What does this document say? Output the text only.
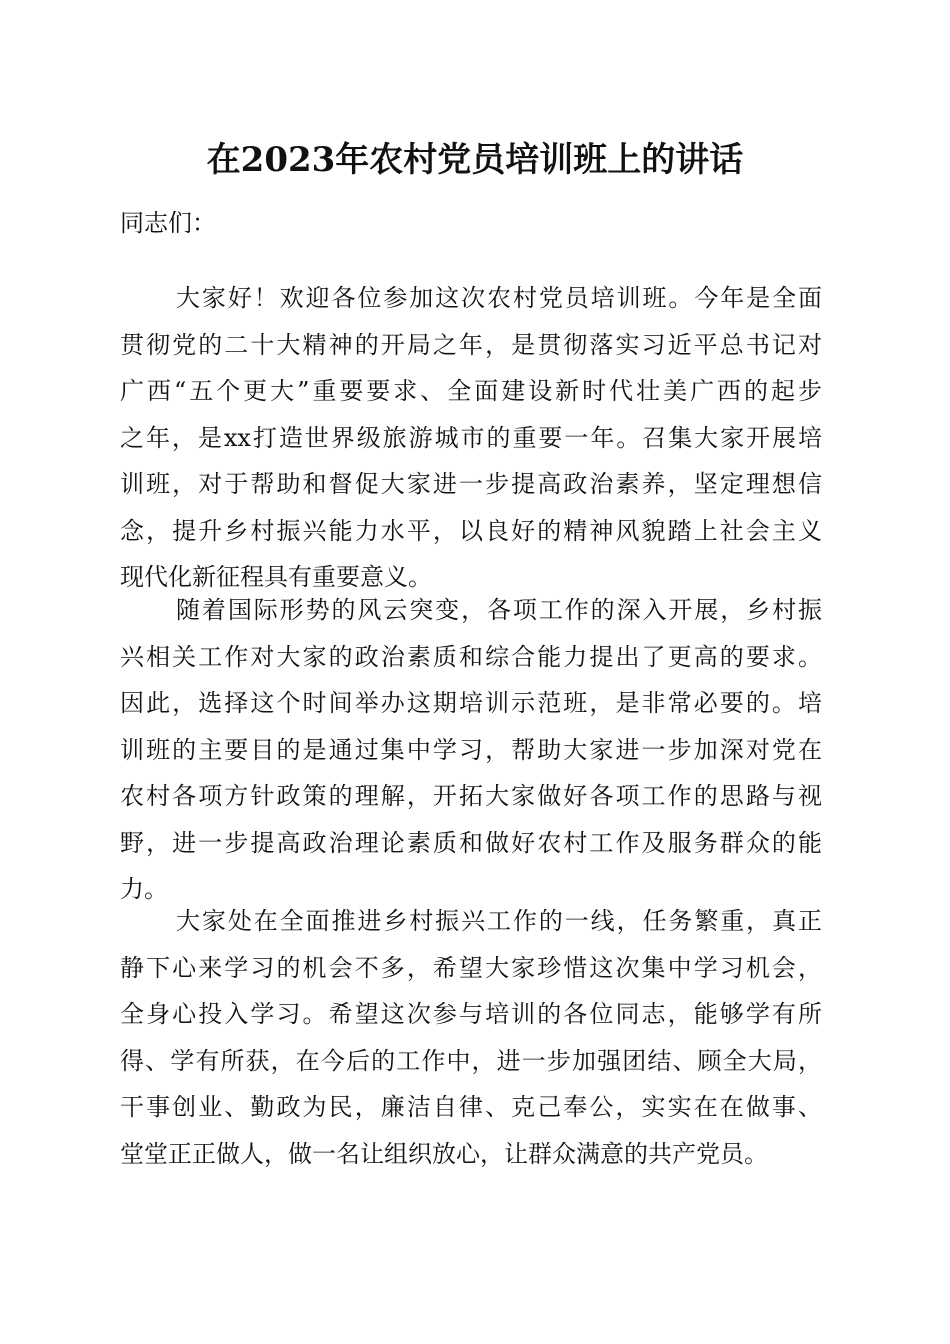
在2023年农村党员培训班上的讲话
同志们：
大家好！欢迎各位参加这次农村党员培训班。今年是全面
贯彻党的二十大精神的开局之年，是贯彻落实习近平总书记对
广西“五个更大”重要要求、全面建设新时代壮美广西的起步
之年，是xx打造世界级旅游城市的重要一年。召集大家开展培
训班，对于帮助和督促大家进一步提高政治素养，坚定理想信
念，提升乡村振兴能力水平，以良好的精神风貌踏上社会主义
现代化新征程具有重要意义。
随着国际形势的风云突变，各项工作的深入开展，乡村振
兴相关工作对大家的政治素质和综合能力提出了更高的要求。
因此，选择这个时间举办这期培训示范班，是非常必要的。培
训班的主要目的是通过集中学习，帮助大家进一步加深对党在
农村各项方针政策的理解，开拓大家做好各项工作的思路与视
野，进一步提高政治理论素质和做好农村工作及服务群众的能
力。
大家处在全面推进乡村振兴工作的一线，任务繁重，真正
静下心来学习的机会不多，希望大家珍惜这次集中学习机会，
全身心投入学习。希望这次参与培训的各位同志，能够学有所
得、学有所获，在今后的工作中，进一步加强团结、顾全大局，
干事创业、勤政为民，廉洁自律、克己奉公，实实在在做事、
堂堂正正做人，做一名让组织放心，让群众满意的共产党员。
